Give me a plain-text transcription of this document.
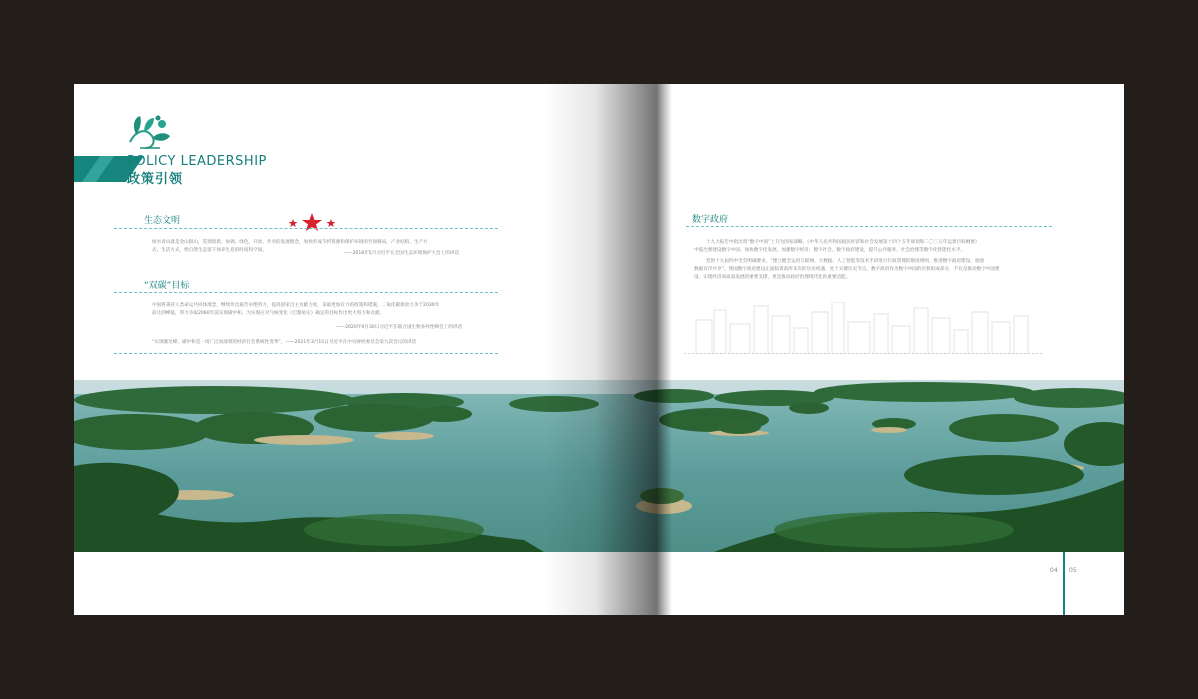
POLICY LEADERSHIP
政策引领
生态文明
绿水青山就是金山银山，贯彻创新、协调、绿色、开放、共享的发展理念，加快形成节约资源和保护环境的空间格局、产业结构、生产方
式、生活方式，给自然生态留下休养生息的时间和空间。
——2018年5月习近平在全国生态环境保护大会上的讲话
“双碳”目标
中国将秉持人类命运共同体理念，继续作出艰苦卓绝努力，提高国家自主贡献力度，采取更加有力的政策和措施，二氧化碳排放力争于2030年
前达到峰值，努力争取2060年前实现碳中和，为实现应对气候变化《巴黎协定》确定的目标作出更大努力和贡献。
——2020年9月30日习近平在联合国生物多样性峰会上的讲话
“实现碳达峰、碳中和是一场广泛而深刻的经济社会系统性变革”，——2021年3月15日习近平在中央财经委员会第九次会议的讲话
数字政府
十九大报告中指出将“数字中国”上升为国家战略，《中华人民共和国国民经济和社会发展第十四个五年规划和二〇三五年远景目标纲要》
中提出要建设数字中国、加快数字化发展，加强数字经济、数字社会、数字政府建设，提升公共服务、社会治理等数字化智能化水平。
党的十九届四中全会明确要求，“建立健全运用互联网、大数据、人工智能等技术手段进行行政管理的制度规则，推进数字政府建设，加强
数据有序共享”。我国数字政府建设正面临着前所未有的历史机遇，处于关键历史节点。数字政府作为数字中国的有机组成部分，不仅是推动数字中国建
设、实现经济高质量发展的重要支撑，更是推动政府治理现代化的重要动能。
04 05
